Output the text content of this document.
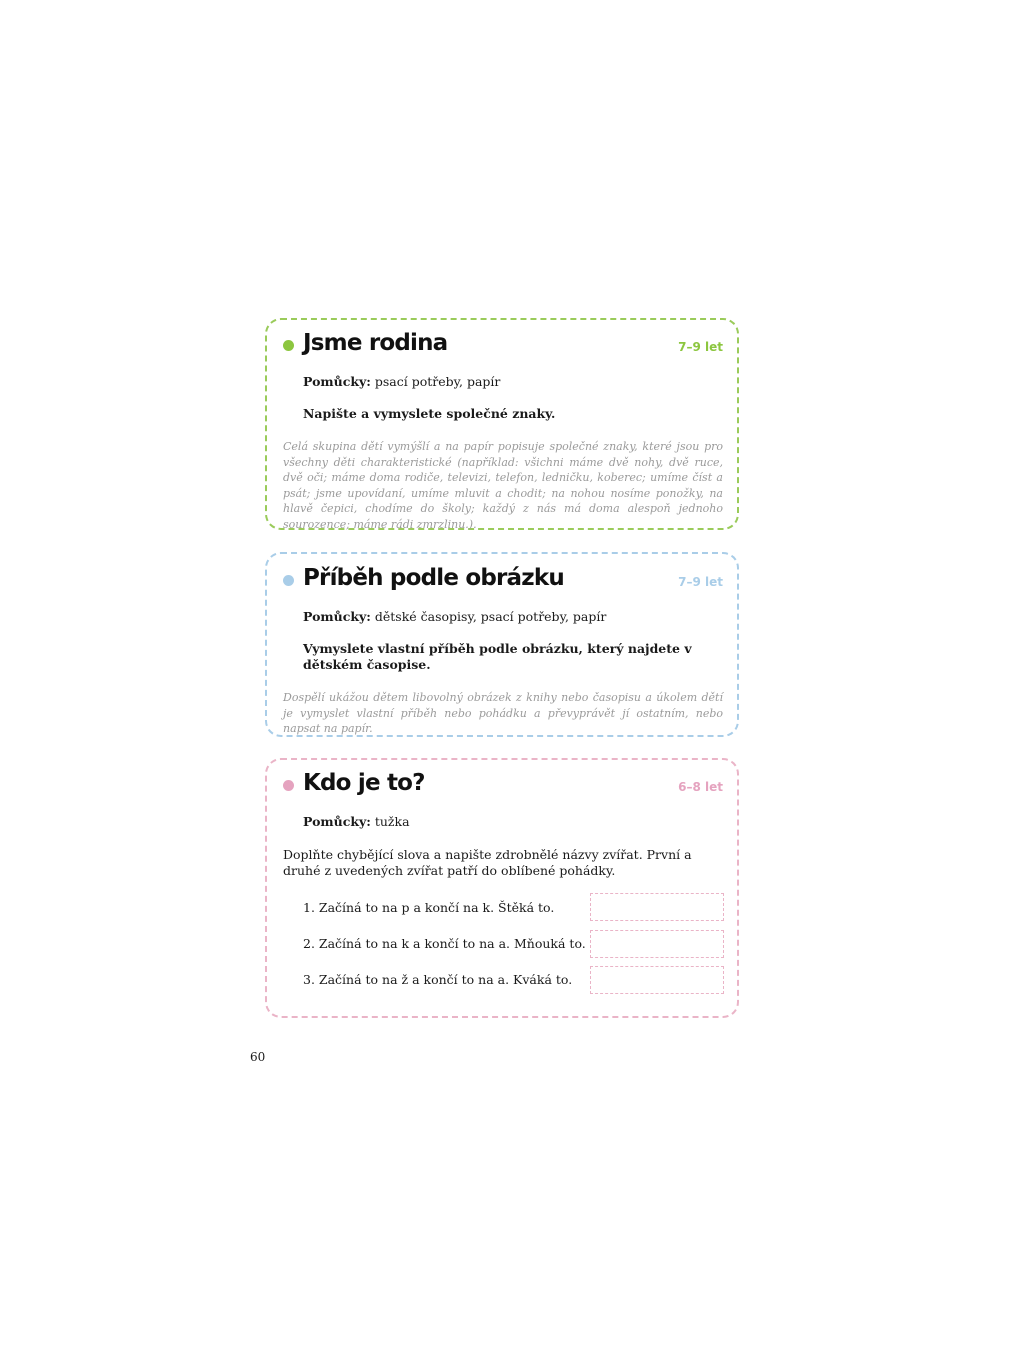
Jsme rodina	7–9 let
Pomůcky: psací potřeby, papír
Napište a vymyslete společné znaky.
Celá skupina dětí vymýšlí a na papír popisuje společné znaky, které jsou pro všechny děti charakteristické (například: všichni máme dvě nohy, dvě ruce, dvě oči; máme doma rodiče, televizi, telefon, ledničku, koberec; umíme číst a psát; jsme upovídaní, umíme mluvit a chodit; na nohou nosíme ponožky, na hlavě čepici, chodíme do školy; každý z nás má doma alespoň jednoho sourozence; máme rádi zmrzlinu.).
Příběh podle obrázku	7–9 let
Pomůcky: dětské časopisy, psací potřeby, papír
Vymyslete vlastní příběh podle obrázku, který najdete v dětském časopise.
Dospělí ukážou dětem libovolný obrázek z knihy nebo časopisu a úkolem dětí je vymyslet vlastní příběh nebo pohádku a převyprávět jí ostatním, nebo napsat na papír.
Kdo je to?	6–8 let
Pomůcky: tužka
Doplňte chybějící slova a napište zdrobnělé názvy zvířat. První a druhé z uvedených zvířat patří do oblíbené pohádky.
1. Začíná to na p a končí na k. Štěká to.
2. Začíná to na k a končí to na a. Mňouká to.
3. Začíná to na ž a končí to na a. Kváká to.
60
